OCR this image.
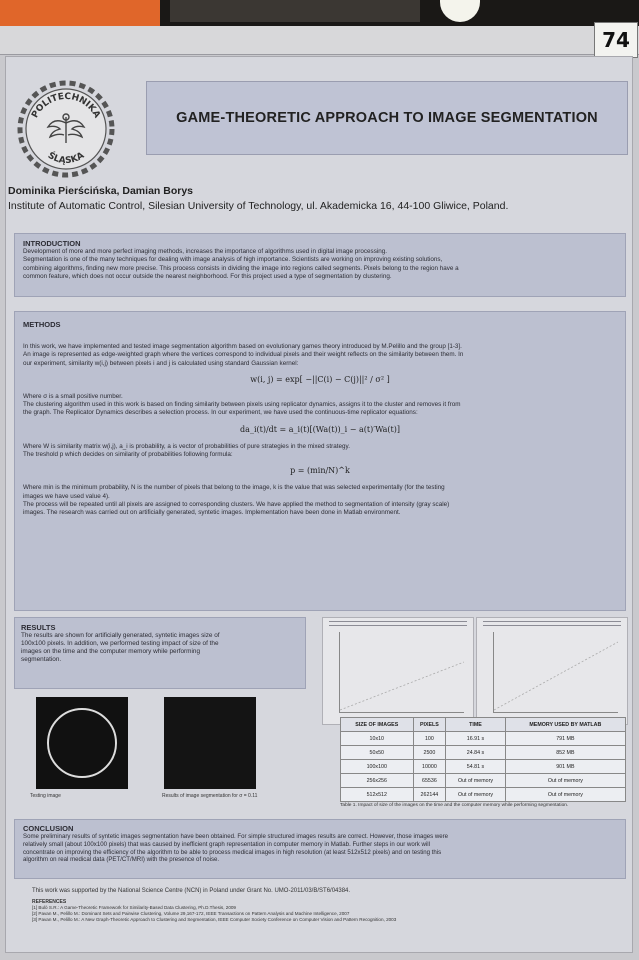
74
POLITECHNIKA
ŚLĄSKA
GAME-THEORETIC APPROACH TO IMAGE SEGMENTATION
Dominika Pierścińska, Damian Borys
Institute of Automatic Control, Silesian University of Technology, ul. Akademicka 16, 44-100 Gliwice, Poland.
INTRODUCTION

Development of more and more perfect imaging methods, increases the importance of algorithms used in digital image processing.

Segmentation is one of the many techniques for dealing with image analysis of high importance. Scientists are working on improving existing solutions,

combining algorithms, finding new more precise. This process consists in dividing the image into regions called segments. Pixels belong to the region have a

common feature, which does not occur outside the nearest neighborhood. For this project used a type of segmentation by clustering.

METHODS

In this work, we have implemented and tested image segmentation algorithm based on evolutionary games theory introduced by M.Pelillo and the group [1-3].

An image is represented as edge-weighted graph where the vertices correspond to individual pixels and their weight reflects on the similarity between them. In

our experiment, similarity w(i,j) between pixels i and j is calculated using standard Gaussian kernel:

w(i, j) = exp[ −||C(i) − C(j)||² / σ² ]

Where σ is a small positive number.

The clustering algorithm used in this work is based on finding similarity between pixels using replicator dynamics, assigns it to the cluster and removes it from

the graph. The Replicator Dynamics describes a selection process. In our experiment, we have used the continuous-time replicator equations:

da_i(t)/dt = a_i(t)[(Wa(t))_i − a(t)′Wa(t)]

Where W is similarity matrix w(i,j), a_i is probability, a is vector of probabilities of pure strategies in the mixed strategy.

The treshold p which decides on similarity of probabilities following formula:

p = (min/N)^k

Where min is the minimum probability, N is the number of pixels that belong to the image, k is the value that was selected experimentally (for the testing

images we have used value 4).

The process will be repeated until all pixels are assigned to corresponding clusters. We have applied the method to segmentation of intensity (gray scale)

images. The research was carried out on artificially generated, syntetic images. Implementation have been done in Matlab environment.

RESULTS

The results are shown for artificially generated, syntetic images size of

100x100 pixels. In addition, we performed testing impact of size of the

images on the time and the computer memory while performing

segmentation.

Testing image	Results of image segmentation for σ = 0.11
SIZE OF IMAGES	PIXELS	TIME	MEMORY USED BY MATLAB
10x10	100	16.91 s	791 MB
50x50	2500	24.84 s	852 MB
100x100	10000	54.81 s	901 MB
256x256	65536	Out of memory	Out of memory
512x512	262144	Out of memory	Out of memory
Table 1. Impact of size of the images on the time and the computer memory while performing segmentation.
CONCLUSION

Some preliminary results of syntetic images segmentation have been obtained. For simple structured images results are correct. However, those images were

relatively small (about 100x100 pixels) that was caused by inefficient graph representation in computer memory in Matlab. Further steps in our work will

concentrate on improving the efficiency of the algorithm to be able to process medical images in high resolution (at least 512x512 pixels) and on testing this

algorithm on real medical data (PET/CT/MRI) with the presence of noise.

This work was supported by the National Science Centre (NCN) in Poland under Grant No. UMO-2011/03/B/ST6/04384.
REFERENCES
[1] Bulò S.R.: A Game-Theoretic Framework for Similarity-Based Data Clustering, Ph.D.Thesis, 2009
[2] Pavan M., Pelillo M.: Dominant Sets and Pairwise Clustering, Volume 29,167-172, IEEE Transactions on Pattern Analysis and Machine Intelligence, 2007
[3] Pavan M., Pelillo M.: A New Graph-Theoretic Approach to Clustering and Segmentation, IEEE Computer Society Conference on Computer Vision and Pattern Recognition, 2003
